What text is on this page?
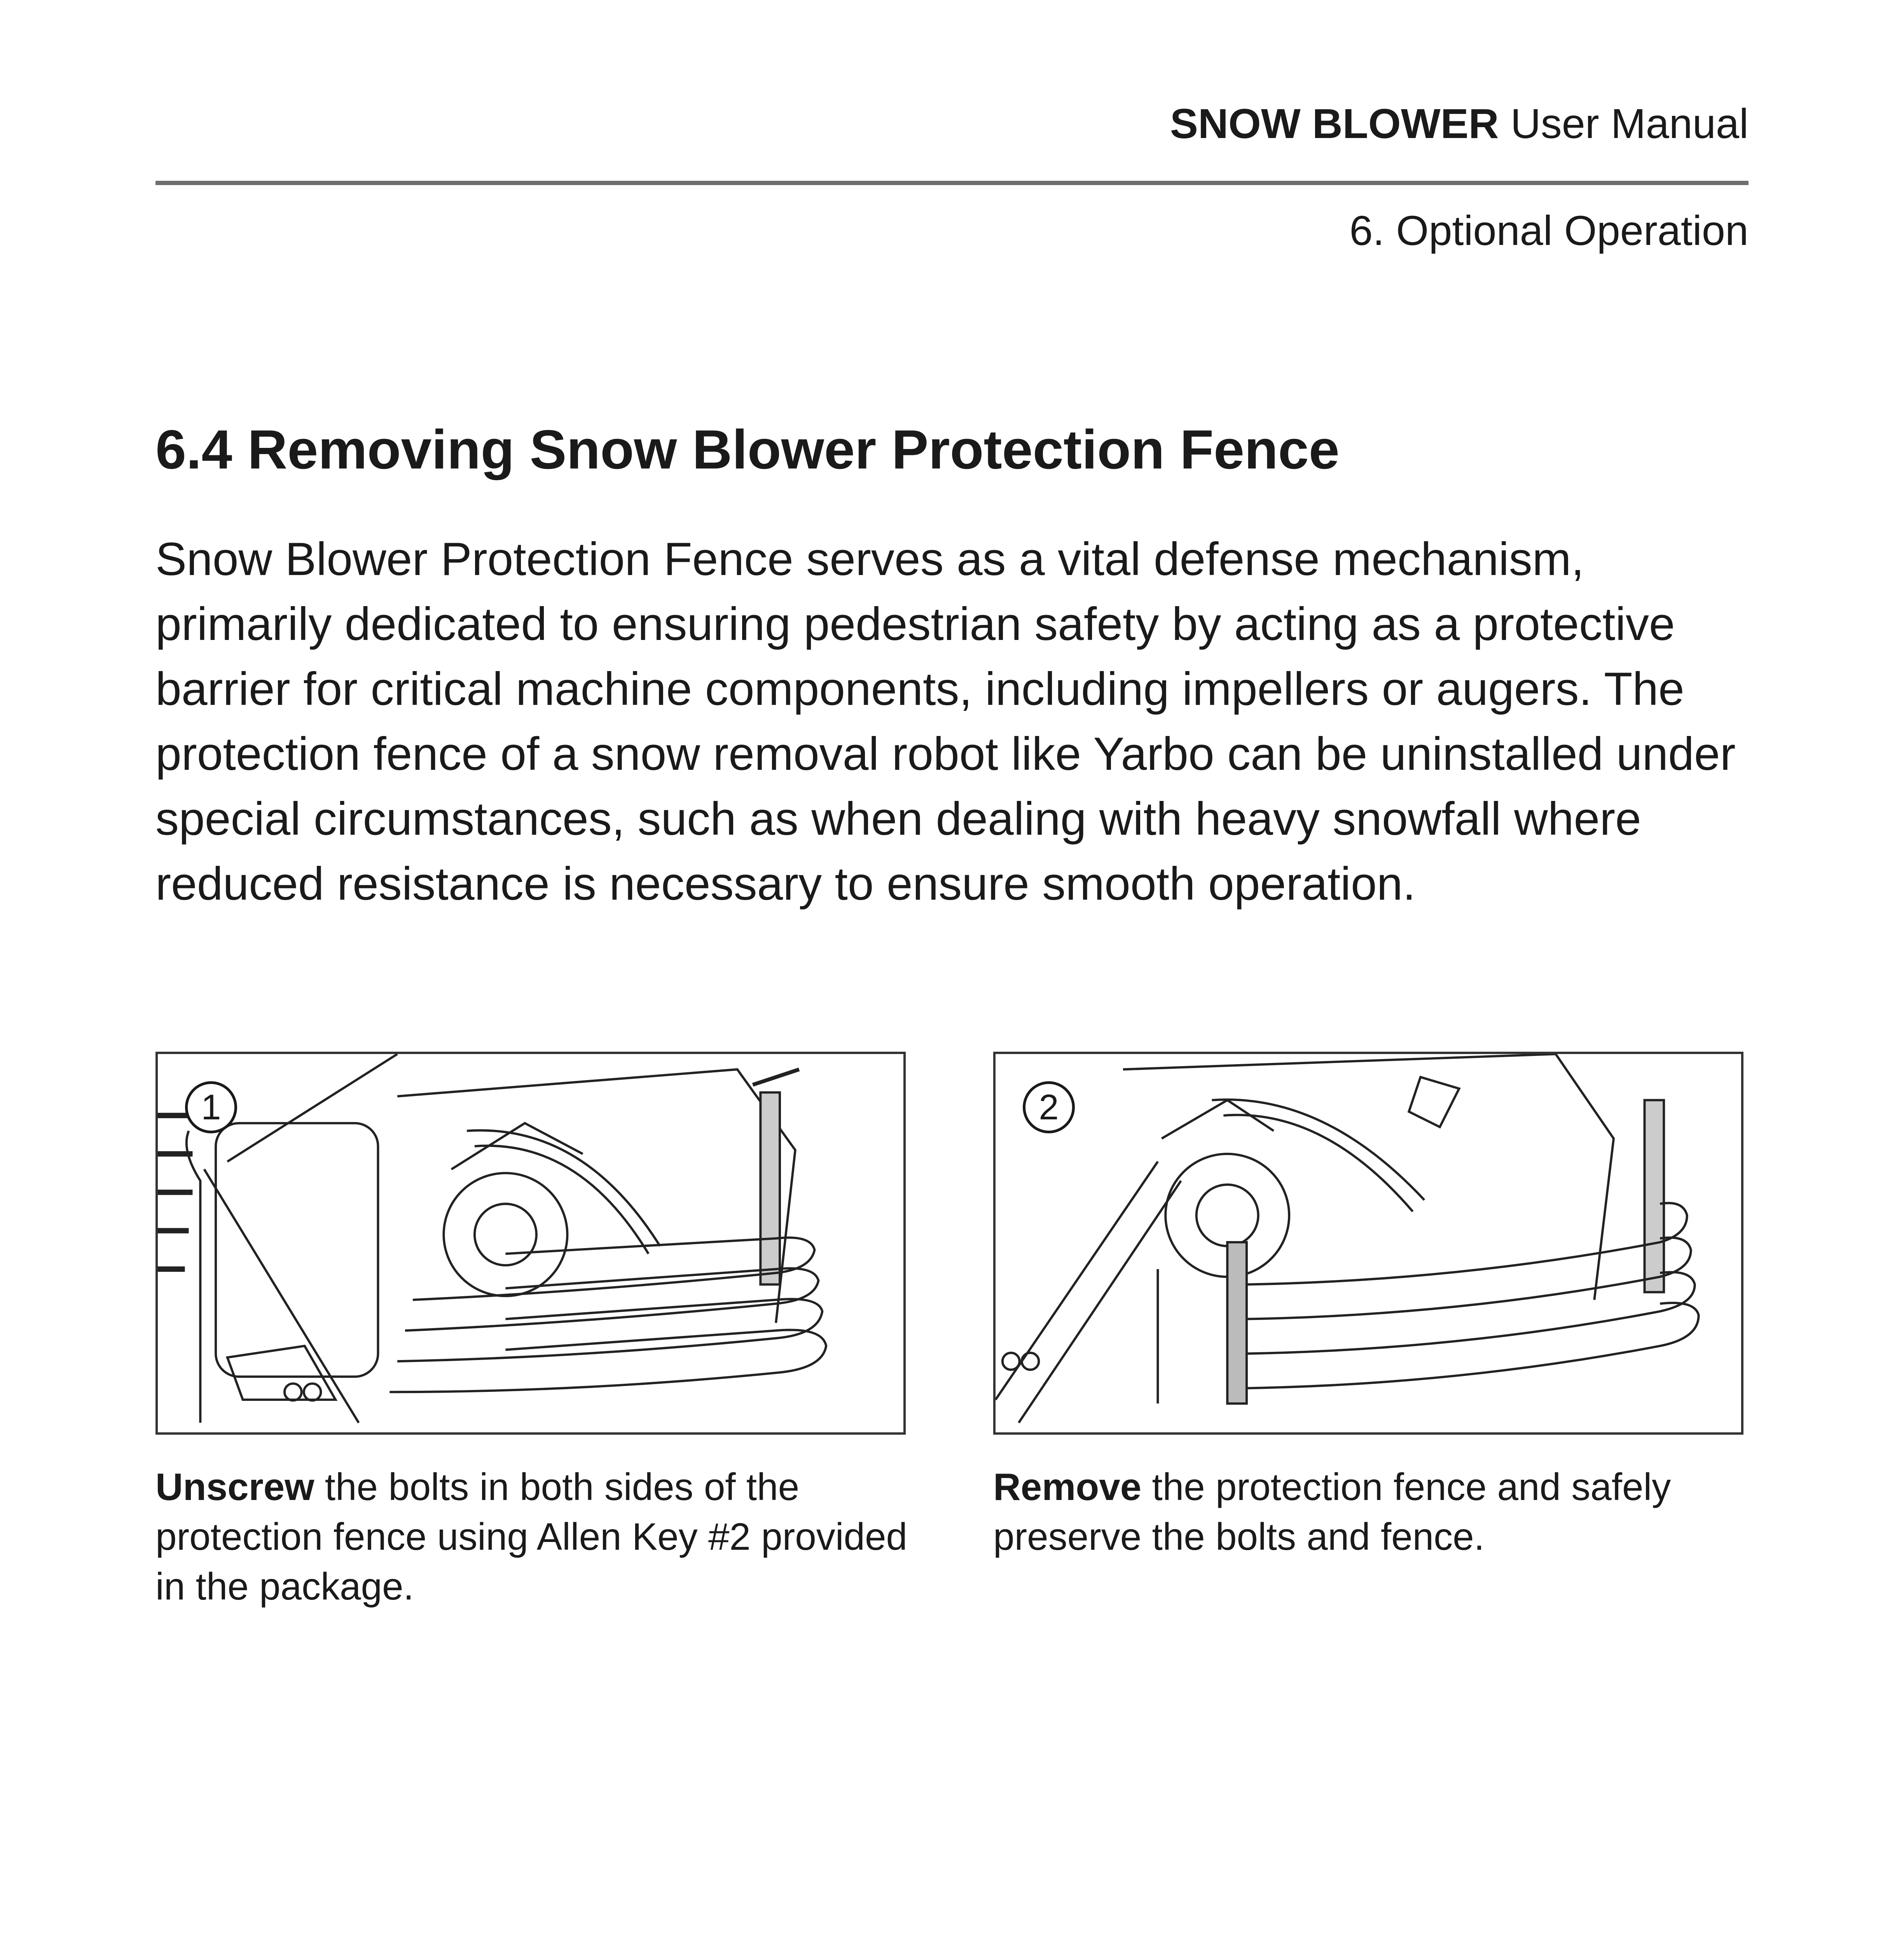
SNOW BLOWER User Manual
6. Optional Operation
6.4 Removing Snow Blower Protection Fence

Snow Blower Protection Fence serves as a vital defense mechanism, primarily dedicated to ensuring pedestrian safety by acting as a protective barrier for critical machine components, including impellers or augers. The protection fence of a snow removal robot like Yarbo can be uninstalled under special circumstances, such as when dealing with heavy snowfall where reduced resistance is necessary to ensure smooth operation.

1	2

Unscrew the bolts in both sides of the protection fence using Allen Key #2 provided in the package.

Remove the protection fence and safely preserve the bolts and fence.
